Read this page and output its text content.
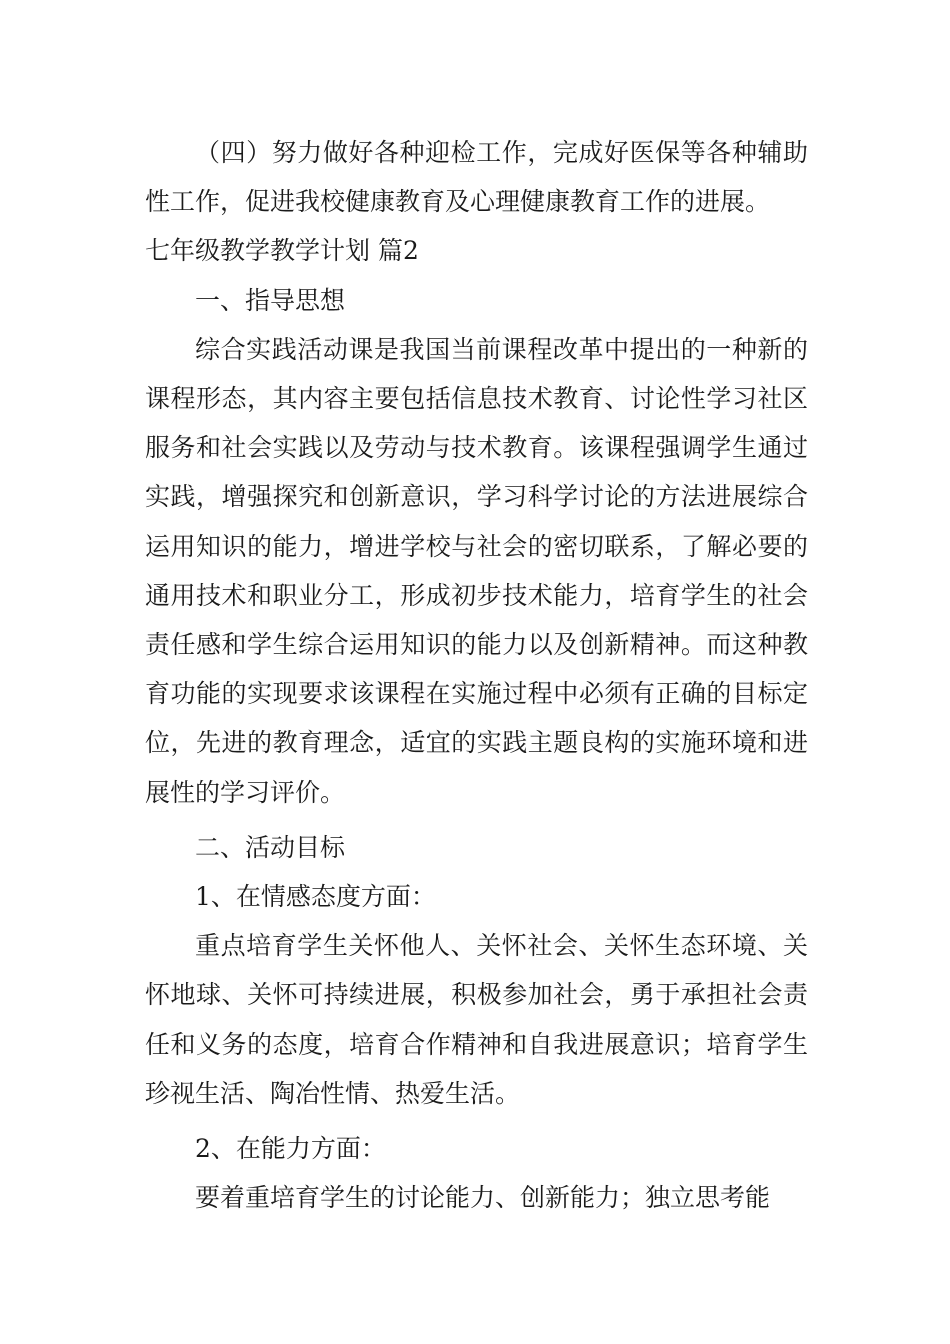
（四）努力做好各种迎检工作，完成好医保等各种辅助性工作，促进我校健康教育及心理健康教育工作的进展。

七年级教学教学计划 篇2

一、指导思想

综合实践活动课是我国当前课程改革中提出的一种新的课程形态，其内容主要包括信息技术教育、讨论性学习社区服务和社会实践以及劳动与技术教育。该课程强调学生通过实践，增强探究和创新意识，学习科学讨论的方法进展综合运用知识的能力，增进学校与社会的密切联系，了解必要的通用技术和职业分工，形成初步技术能力，培育学生的社会责任感和学生综合运用知识的能力以及创新精神。而这种教育功能的实现要求该课程在实施过程中必须有正确的目标定位，先进的教育理念，适宜的实践主题良构的实施环境和进展性的学习评价。

二、活动目标

1、在情感态度方面：

重点培育学生关怀他人、关怀社会、关怀生态环境、关怀地球、关怀可持续进展，积极参加社会，勇于承担社会责任和义务的态度，培育合作精神和自我进展意识；培育学生珍视生活、陶冶性情、热爱生活。

2、在能力方面：

要着重培育学生的讨论能力、创新能力；独立思考能
